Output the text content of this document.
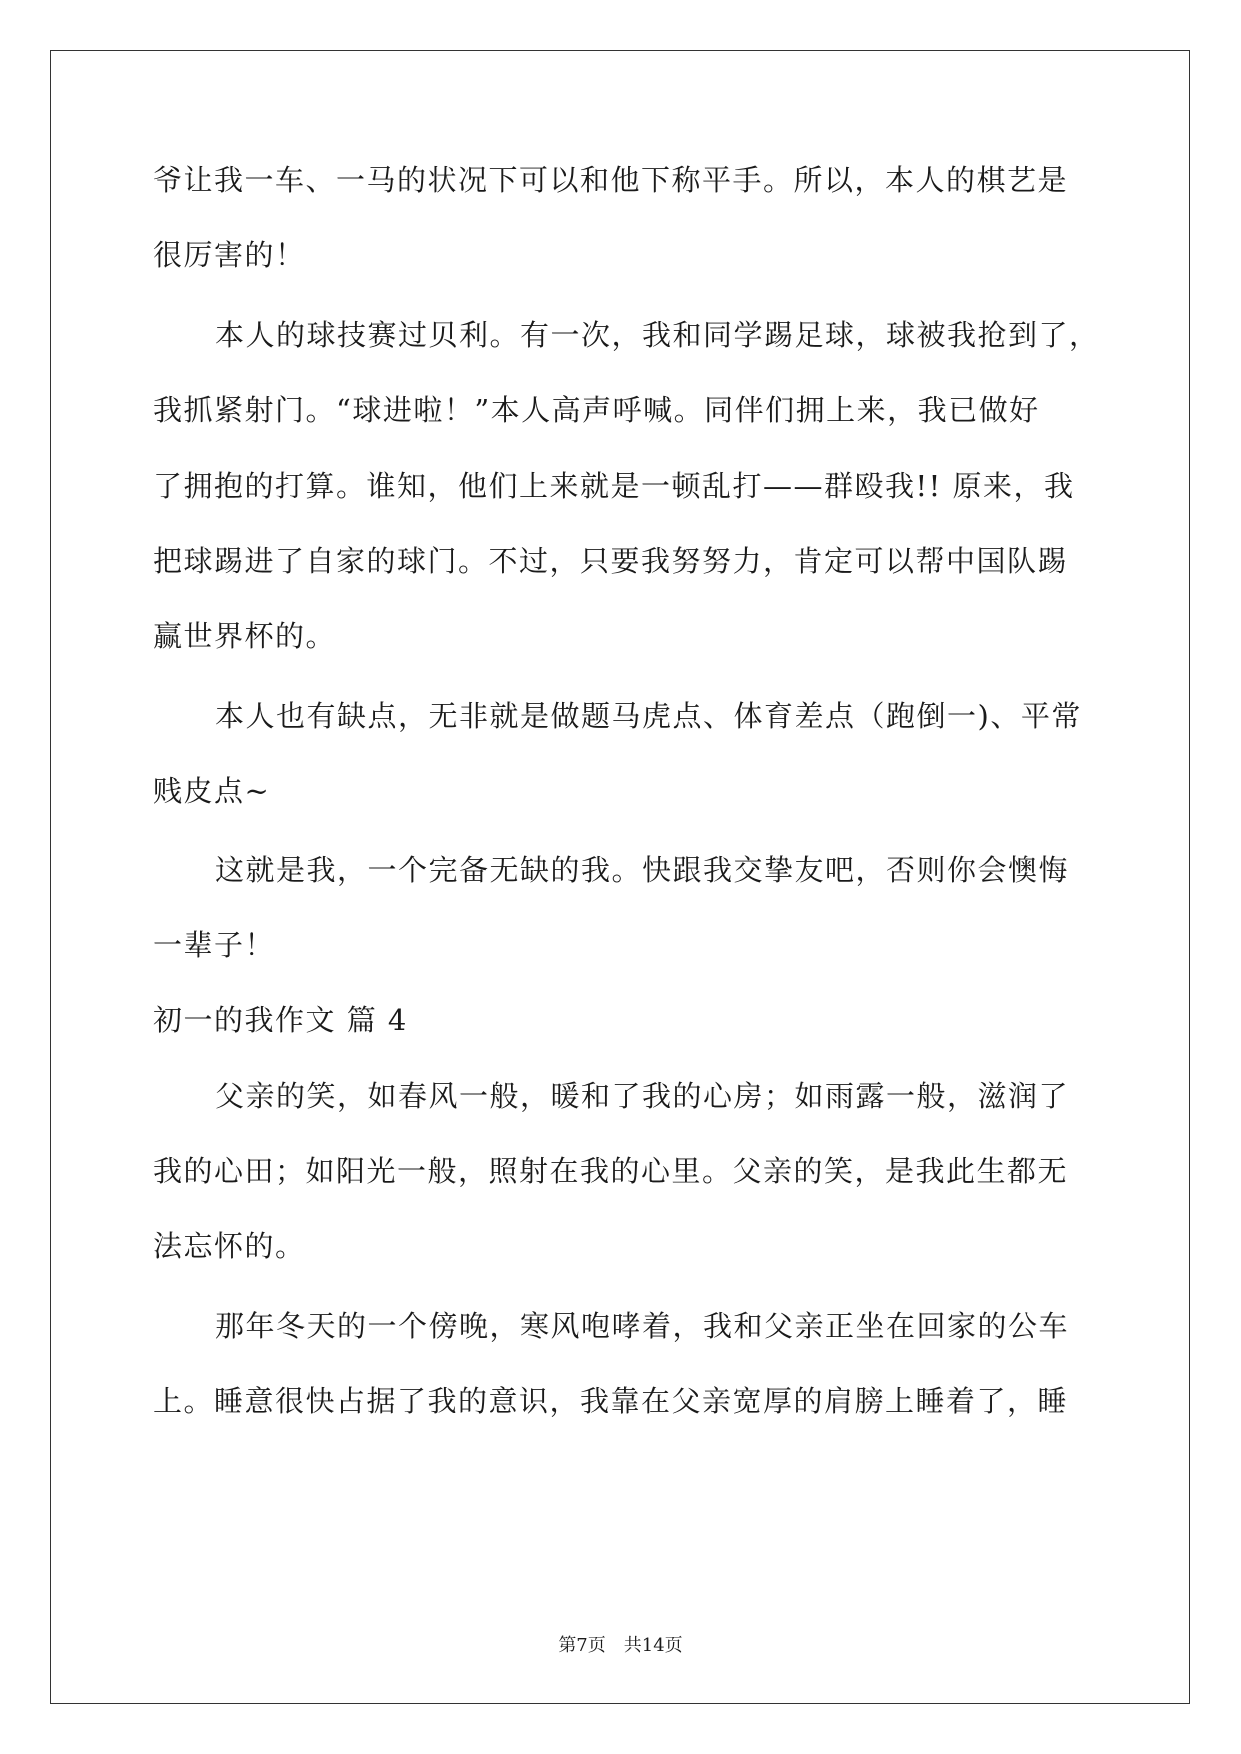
爷让我一车、一马的状况下可以和他下称平手。所以，本人的棋艺是
很厉害的！
本人的球技赛过贝利。有一次，我和同学踢足球，球被我抢到了，
我抓紧射门。“球进啦！”本人高声呼喊。同伴们拥上来，我已做好
了拥抱的打算。谁知，他们上来就是一顿乱打——群殴我!! 原来，我
把球踢进了自家的球门。不过，只要我努努力，肯定可以帮中国队踢
赢世界杯的。
本人也有缺点，无非就是做题马虎点、体育差点（跑倒一)、平常
贱皮点~
这就是我，一个完备无缺的我。快跟我交挚友吧，否则你会懊悔
一辈子！
初一的我作文 篇 4
父亲的笑，如春风一般，暖和了我的心房；如雨露一般，滋润了
我的心田；如阳光一般，照射在我的心里。父亲的笑，是我此生都无
法忘怀的。
那年冬天的一个傍晚，寒风咆哮着，我和父亲正坐在回家的公车
上。睡意很快占据了我的意识，我靠在父亲宽厚的肩膀上睡着了，睡
第7页 共14页
